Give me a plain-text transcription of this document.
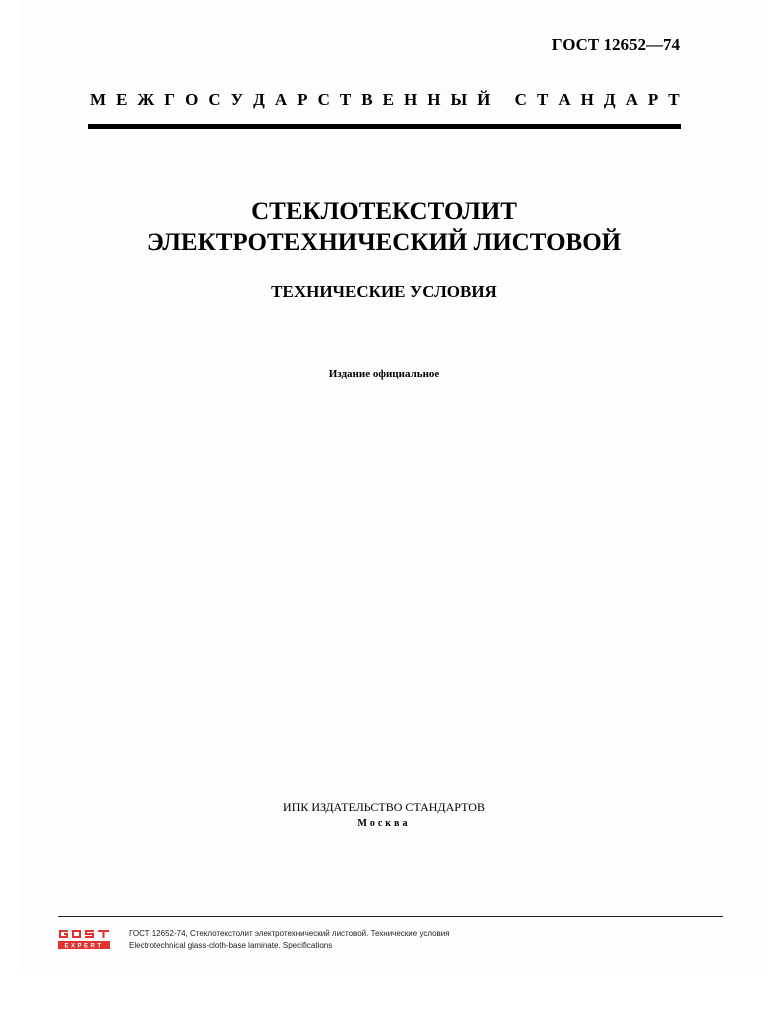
ГОСТ 12652—74
М Е Ж Г О С У Д А Р С Т В Е Н Н Ы Й
С Т А Н Д А Р Т
СТЕКЛОТЕКСТОЛИТ
ЭЛЕКТРОТЕХНИЧЕСКИЙ ЛИСТОВОЙ
ТЕХНИЧЕСКИЕ УСЛОВИЯ
Издание официальное
ИПК ИЗДАТЕЛЬСТВО СТАНДАРТОВ
Москва
EXPERT
ГОСТ 12652-74, Стеклотекстолит электротехнический листовой. Технические условия
Electrotechnical glass-cloth-base laminate. Specifications
